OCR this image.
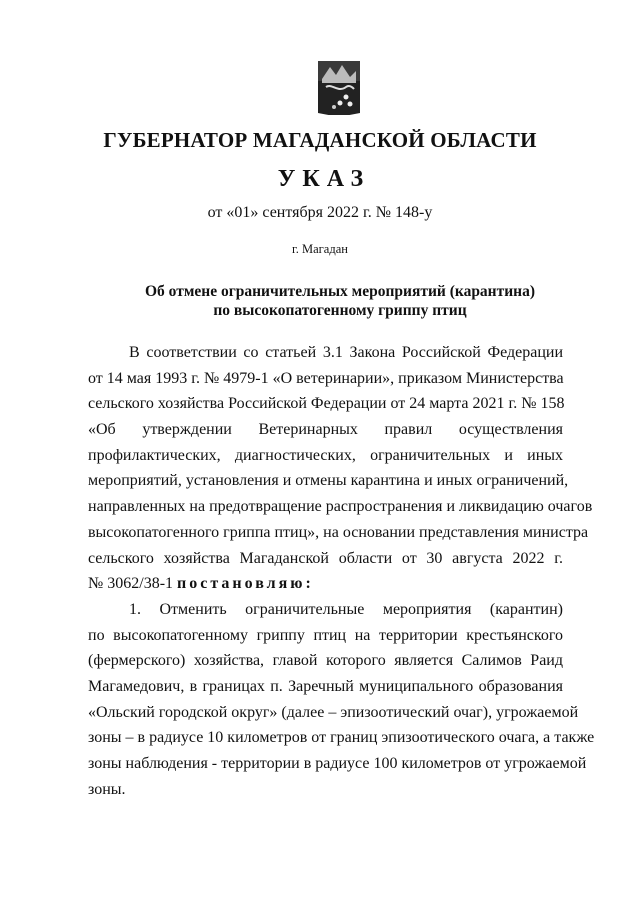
ГУБЕРНАТОР МАГАДАНСКОЙ ОБЛАСТИ
УКАЗ
от «01» сентября 2022 г. № 148-у
г. Магадан
Об отмене ограничительных мероприятий (карантина)
по высокопатогенному гриппу птиц
В соответствии со статьей 3.1 Закона Российской Федерации
от 14 мая 1993 г. № 4979-1 «О ветеринарии», приказом Министерства
сельского хозяйства Российской Федерации от 24 марта 2021 г. № 158
«Об утверждении Ветеринарных правил осуществления
профилактических, диагностических, ограничительных и иных
мероприятий, установления и отмены карантина и иных ограничений,
направленных на предотвращение распространения и ликвидацию очагов
высокопатогенного гриппа птиц», на основании представления министра
сельского хозяйства Магаданской области от 30 августа 2022 г.
№ 3062/38-1 постановляю:
1. Отменить ограничительные мероприятия (карантин)
по высокопатогенному гриппу птиц на территории крестьянского
(фермерского) хозяйства, главой которого является Салимов Раид
Магамедович, в границах п. Заречный муниципального образования
«Ольский городской округ» (далее – эпизоотический очаг), угрожаемой
зоны – в радиусе 10 километров от границ эпизоотического очага, а также
зоны наблюдения - территории в радиусе 100 километров от угрожаемой
зоны.
